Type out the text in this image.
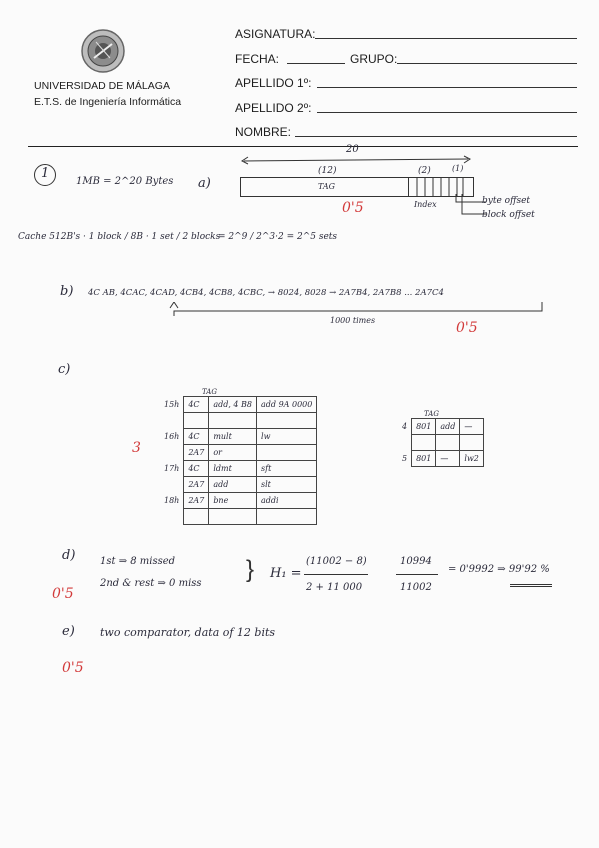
UNIVERSIDAD DE MÁLAGA
E.T.S. de Ingeniería Informática
ASIGNATURA:
FECHA:	GRUPO:
APELLIDO 1º:
APELLIDO 2º:
NOMBRE:
1
1MB = 2^20 Bytes a)
20
(12)
TAG
(2)	(1)
Index	byte offset
block offset
Cache 512B's · 1 block / 8B · 1 set / 2 blocks
= 2^9 / 2^3·2 = 2^5 sets
0'5
b) 4C AB, 4CAC, 4CAD, 4CB4, 4CB8, 4CBC, → 8024, 8028 → 2A7B4, 2A7B8 ... 2A7C4
1000 times	0'5
c)
3
TAG
15h	4C	add, 4 B8	add 9A 0000

16h	4C	mult	lw
	2A7	or	
17h	4C	ldmt	sft
	2A7	add	slt
18h	2A7	bne	addi

TAG
4	801	add	—

5	801	—	lw2
d) 1st ⇒ 8 missed
2nd & rest ⇒ 0 miss
} H₁ =
(11002 − 8)
2 + 11 000
10994
11002
= 0'9992 ⇒ 99'92 %
0'5
e) two comparator, data of 12 bits
0'5
